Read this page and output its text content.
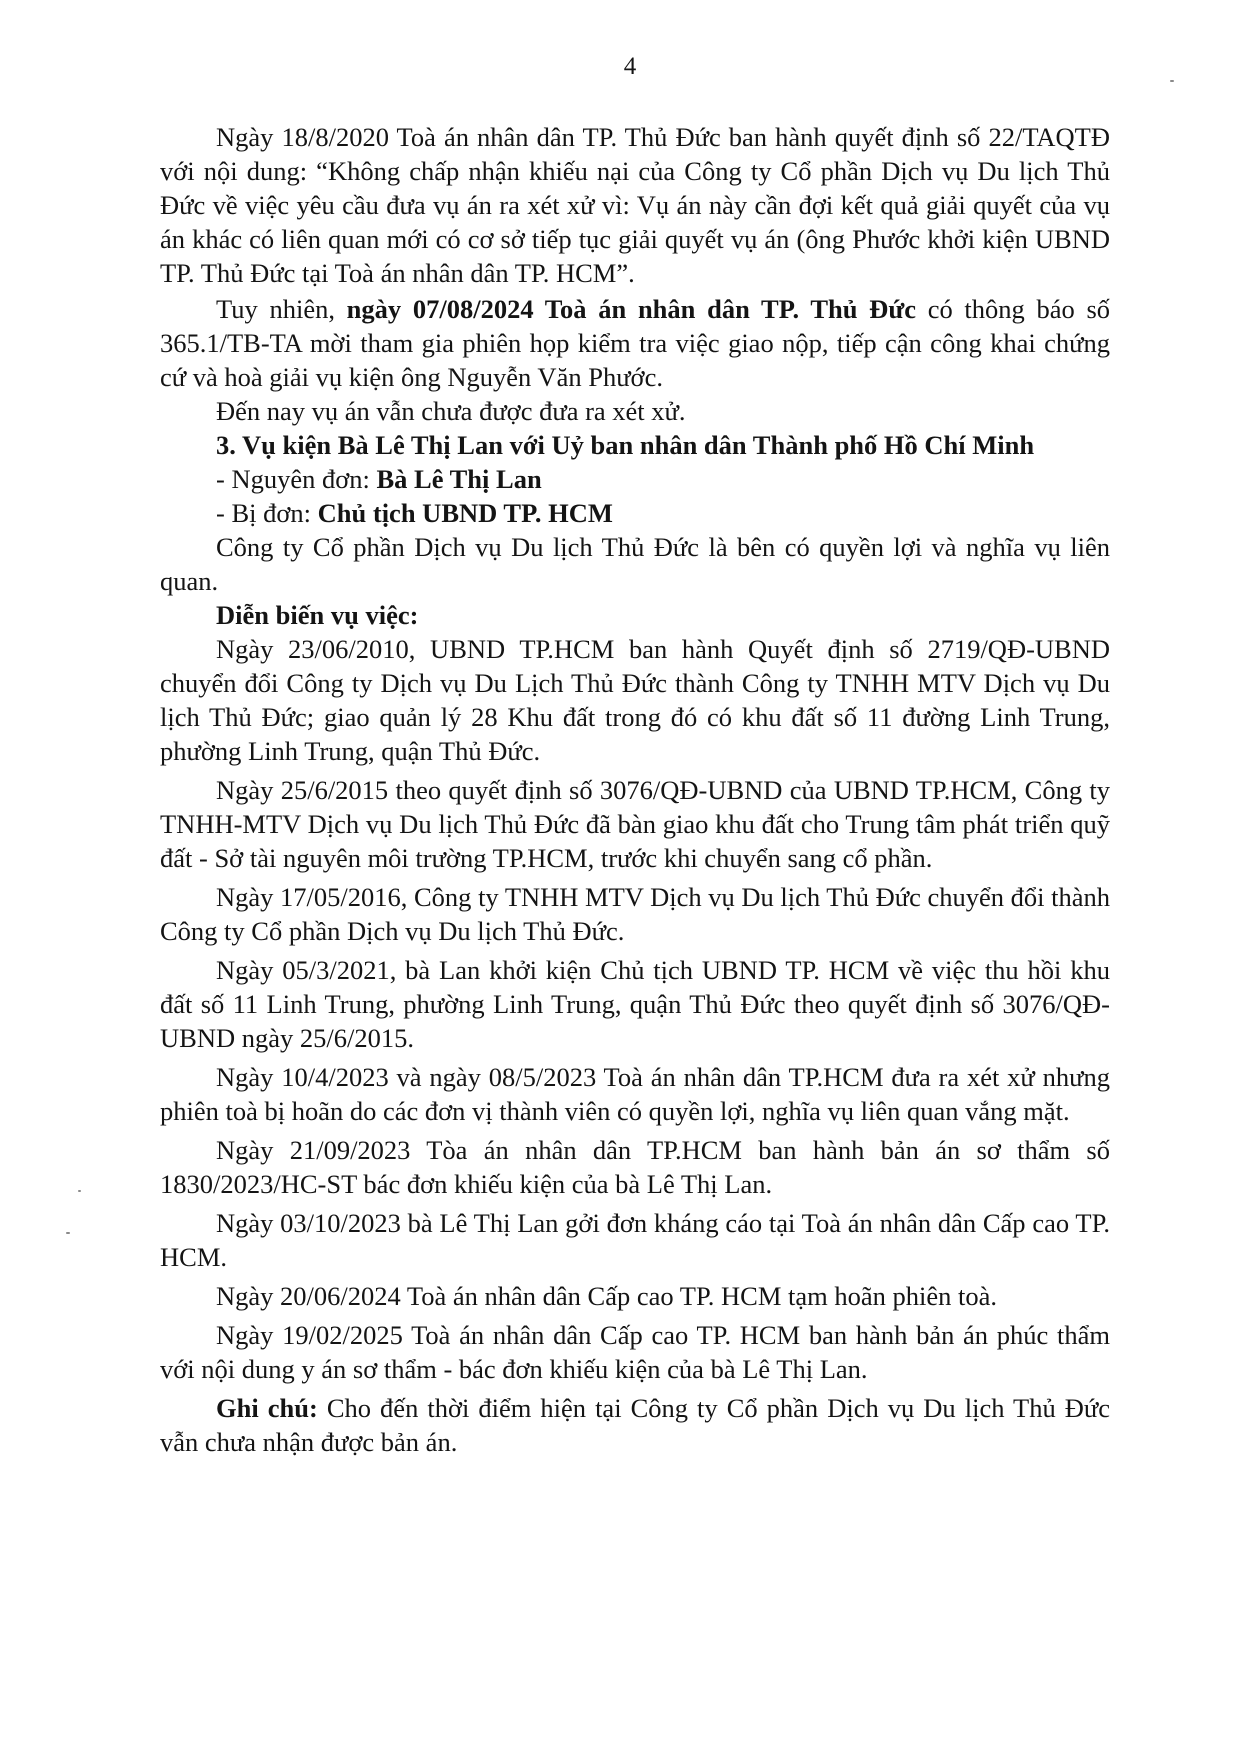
4

Ngày 18/8/2020 Toà án nhân dân TP. Thủ Đức ban hành quyết định số 22/TAQTĐ với nội dung: “Không chấp nhận khiếu nại của Công ty Cổ phần Dịch vụ Du lịch Thủ Đức về việc yêu cầu đưa vụ án ra xét xử vì: Vụ án này cần đợi kết quả giải quyết của vụ án khác có liên quan mới có cơ sở tiếp tục giải quyết vụ án (ông Phước khởi kiện UBND TP. Thủ Đức tại Toà án nhân dân TP. HCM”.

Tuy nhiên, ngày 07/08/2024 Toà án nhân dân TP. Thủ Đức có thông báo số 365.1/TB-TA mời tham gia phiên họp kiểm tra việc giao nộp, tiếp cận công khai chứng cứ và hoà giải vụ kiện ông Nguyễn Văn Phước.

Đến nay vụ án vẫn chưa được đưa ra xét xử.

3. Vụ kiện Bà Lê Thị Lan với Uỷ ban nhân dân Thành phố Hồ Chí Minh

- Nguyên đơn: Bà Lê Thị Lan

- Bị đơn: Chủ tịch UBND TP. HCM

Công ty Cổ phần Dịch vụ Du lịch Thủ Đức là bên có quyền lợi và nghĩa vụ liên quan.

Diễn biến vụ việc:

Ngày 23/06/2010, UBND TP.HCM ban hành Quyết định số 2719/QĐ-UBND chuyển đổi Công ty Dịch vụ Du Lịch Thủ Đức thành Công ty TNHH MTV Dịch vụ Du lịch Thủ Đức; giao quản lý 28 Khu đất trong đó có khu đất số 11 đường Linh Trung, phường Linh Trung, quận Thủ Đức.

Ngày 25/6/2015 theo quyết định số 3076/QĐ-UBND của UBND TP.HCM, Công ty TNHH-MTV Dịch vụ Du lịch Thủ Đức đã bàn giao khu đất cho Trung tâm phát triển quỹ đất - Sở tài nguyên môi trường TP.HCM, trước khi chuyển sang cổ phần.

Ngày 17/05/2016, Công ty TNHH MTV Dịch vụ Du lịch Thủ Đức chuyển đổi thành Công ty Cổ phần Dịch vụ Du lịch Thủ Đức.

Ngày 05/3/2021, bà Lan khởi kiện Chủ tịch UBND TP. HCM về việc thu hồi khu đất số 11 Linh Trung, phường Linh Trung, quận Thủ Đức theo quyết định số 3076/QĐ-UBND ngày 25/6/2015.

Ngày 10/4/2023 và ngày 08/5/2023 Toà án nhân dân TP.HCM đưa ra xét xử nhưng phiên toà bị hoãn do các đơn vị thành viên có quyền lợi, nghĩa vụ liên quan vắng mặt.

Ngày 21/09/2023 Tòa án nhân dân TP.HCM ban hành bản án sơ thẩm số 1830/2023/HC-ST bác đơn khiếu kiện của bà Lê Thị Lan.

Ngày 03/10/2023 bà Lê Thị Lan gởi đơn kháng cáo tại Toà án nhân dân Cấp cao TP. HCM.

Ngày 20/06/2024 Toà án nhân dân Cấp cao TP. HCM tạm hoãn phiên toà.

Ngày 19/02/2025 Toà án nhân dân Cấp cao TP. HCM ban hành bản án phúc thẩm với nội dung y án sơ thẩm - bác đơn khiếu kiện của bà Lê Thị Lan.

Ghi chú: Cho đến thời điểm hiện tại Công ty Cổ phần Dịch vụ Du lịch Thủ Đức vẫn chưa nhận được bản án.
